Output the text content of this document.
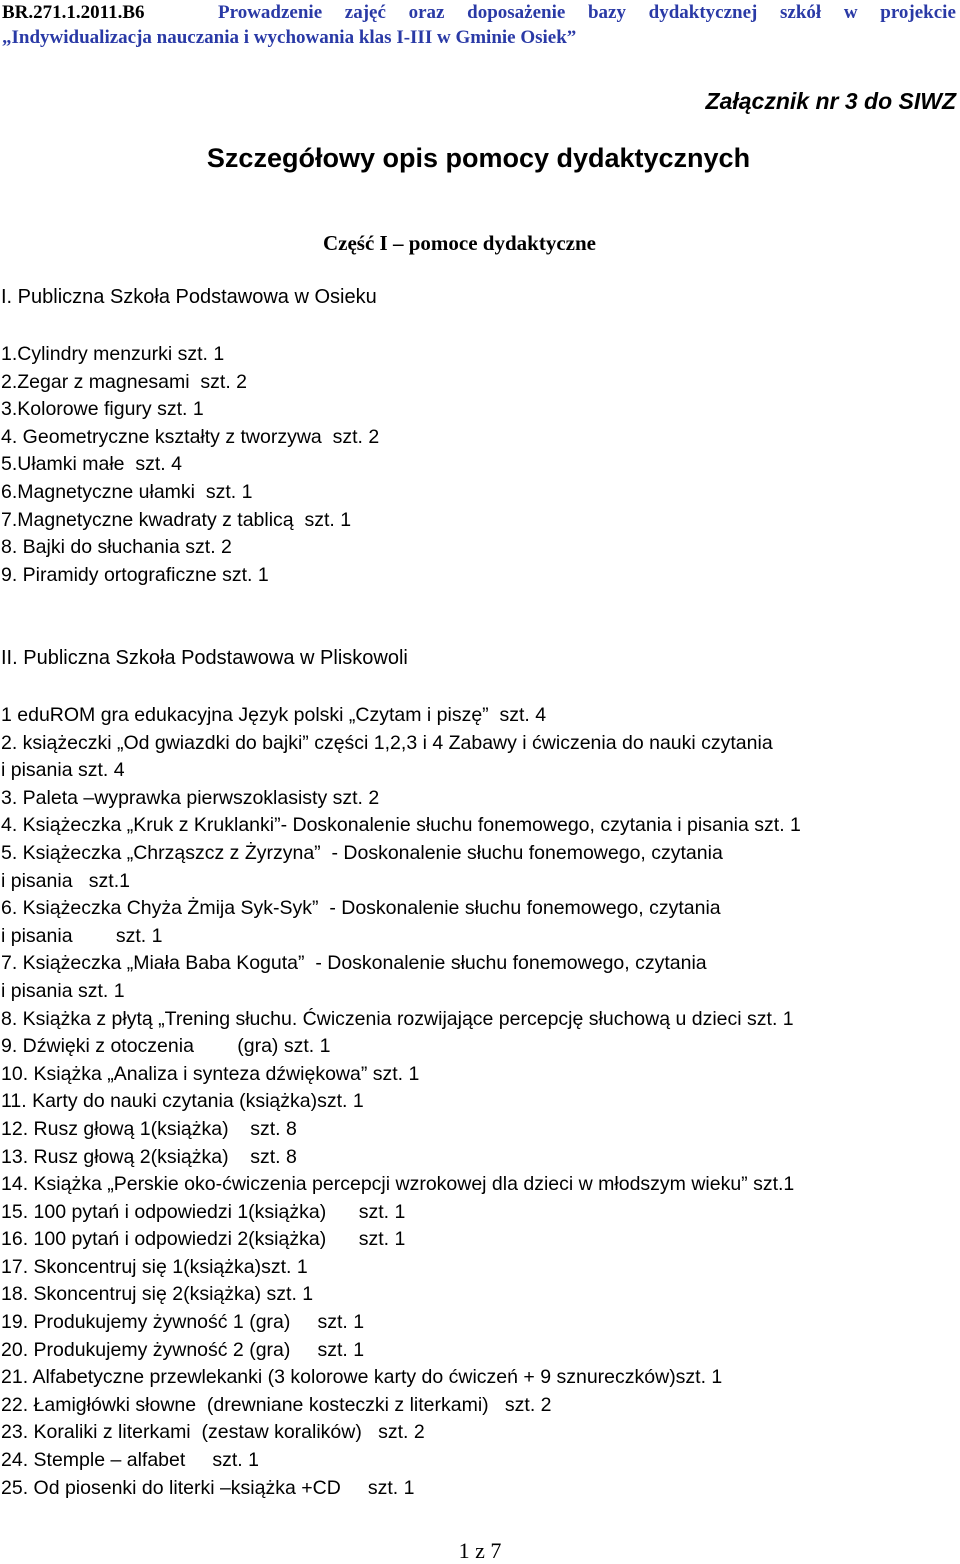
BR.271.1.2011.B6	Prowadzenie zajęć oraz doposażenie bazy dydaktycznej szkół w projekcie
„Indywidualizacja nauczania i wychowania klas I-III w Gminie Osiek”
Załącznik nr 3 do SIWZ
Szczegółowy opis pomocy dydaktycznych
Część I – pomoce dydaktyczne
I. Publiczna Szkoła Podstawowa w Osieku
1.Cylindry menzurki szt. 1
2.Zegar z magnesami  szt. 2
3.Kolorowe figury szt. 1
4. Geometryczne kształty z tworzywa  szt. 2
5.Ułamki małe  szt. 4
6.Magnetyczne ułamki  szt. 1
7.Magnetyczne kwadraty z tablicą  szt. 1
8. Bajki do słuchania szt. 2
9. Piramidy ortograficzne szt. 1
II. Publiczna Szkoła Podstawowa w Pliskowoli
1 eduROM gra edukacyjna Język polski „Czytam i piszę”  szt. 4
2. książeczki „Od gwiazdki do bajki” części 1,2,3 i 4 Zabawy i ćwiczenia do nauki czytania
i pisania szt. 4
3. Paleta –wyprawka pierwszoklasisty szt. 2
4. Książeczka „Kruk z Kruklanki”- Doskonalenie słuchu fonemowego, czytania i pisania szt. 1
5. Książeczka „Chrząszcz z Żyrzyna”  - Doskonalenie słuchu fonemowego, czytania
i pisania   szt.1
6. Książeczka Chyża Żmija Syk-Syk”  - Doskonalenie słuchu fonemowego, czytania
i pisania        szt. 1
7. Książeczka „Miała Baba Koguta”  - Doskonalenie słuchu fonemowego, czytania
i pisania szt. 1
8. Książka z płytą „Trening słuchu. Ćwiczenia rozwijające percepcję słuchową u dzieci szt. 1
9. Dźwięki z otoczenia        (gra) szt. 1
10. Książka „Analiza i synteza dźwiękowa” szt. 1
11. Karty do nauki czytania (książka)szt. 1
12. Rusz głową 1(książka)    szt. 8
13. Rusz głową 2(książka)    szt. 8
14. Książka „Perskie oko-ćwiczenia percepcji wzrokowej dla dzieci w młodszym wieku” szt.1
15. 100 pytań i odpowiedzi 1(książka)      szt. 1
16. 100 pytań i odpowiedzi 2(książka)      szt. 1
17. Skoncentruj się 1(książka)szt. 1
18. Skoncentruj się 2(książka) szt. 1
19. Produkujemy żywność 1 (gra)     szt. 1
20. Produkujemy żywność 2 (gra)     szt. 1
21. Alfabetyczne przewlekanki (3 kolorowe karty do ćwiczeń + 9 sznureczków)szt. 1
22. Łamigłówki słowne  (drewniane kosteczki z literkami)   szt. 2
23. Koraliki z literkami  (zestaw koralików)   szt. 2
24. Stemple – alfabet     szt. 1
25. Od piosenki do literki –książka +CD     szt. 1
1 z 7
